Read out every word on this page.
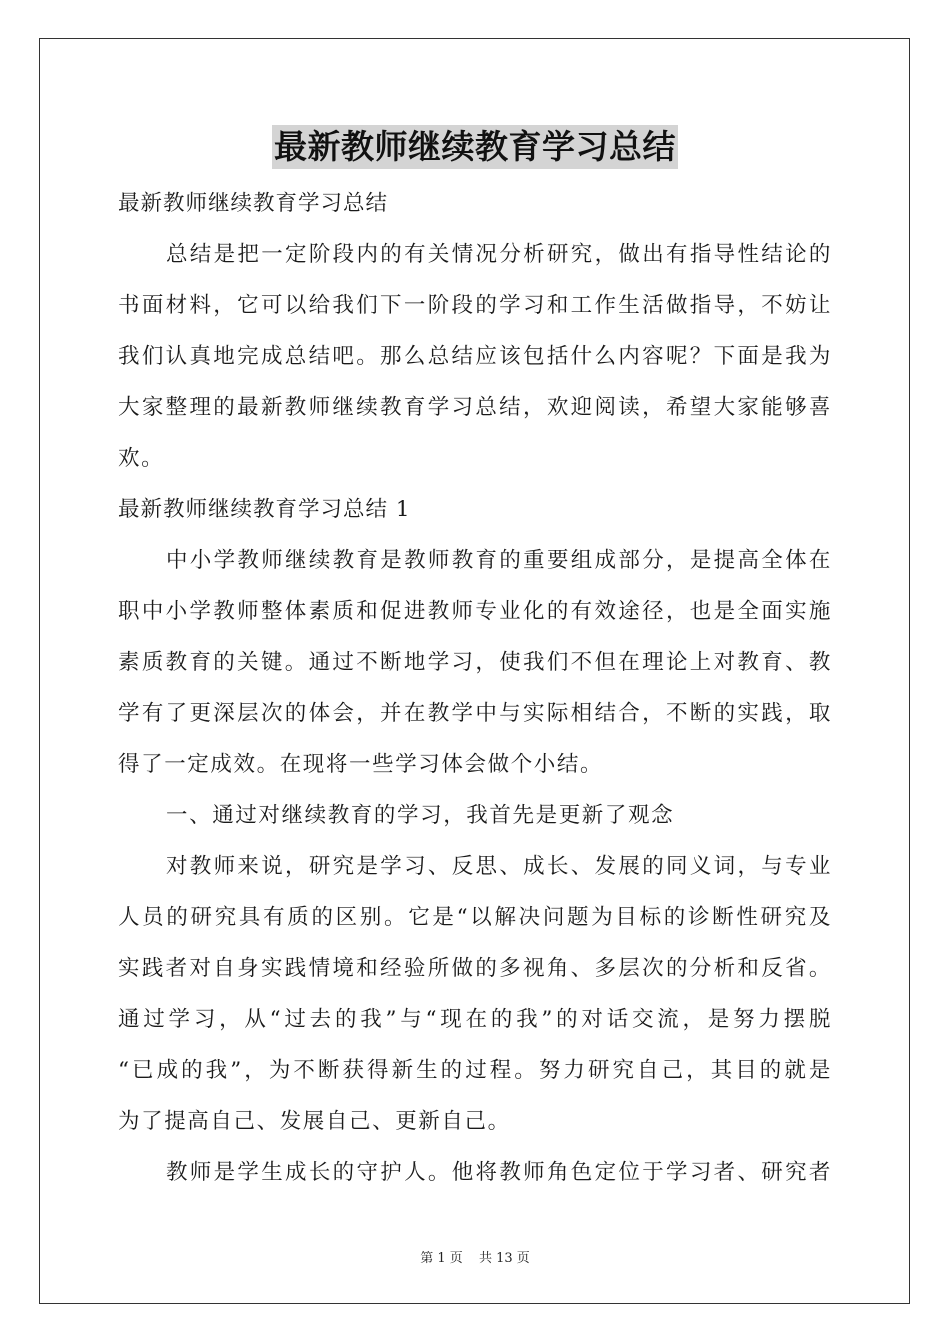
最新教师继续教育学习总结
最新教师继续教育学习总结
总结是把一定阶段内的有关情况分析研究，做出有指导性结论的
书面材料，它可以给我们下一阶段的学习和工作生活做指导，不妨让
我们认真地完成总结吧。那么总结应该包括什么内容呢？下面是我为
大家整理的最新教师继续教育学习总结，欢迎阅读，希望大家能够喜
欢。
最新教师继续教育学习总结 1
中小学教师继续教育是教师教育的重要组成部分，是提高全体在
职中小学教师整体素质和促进教师专业化的有效途径，也是全面实施
素质教育的关键。通过不断地学习，使我们不但在理论上对教育、教
学有了更深层次的体会，并在教学中与实际相结合，不断的实践，取
得了一定成效。在现将一些学习体会做个小结。
一、通过对继续教育的学习，我首先是更新了观念
对教师来说，研究是学习、反思、成长、发展的同义词，与专业
人员的研究具有质的区别。它是“以解决问题为目标的诊断性研究及
实践者对自身实践情境和经验所做的多视角、多层次的分析和反省。
通过学习，从“过去的我”与“现在的我”的对话交流，是努力摆脱
“已成的我”，为不断获得新生的过程。努力研究自己，其目的就是
为了提高自己、发展自己、更新自己。
教师是学生成长的守护人。他将教师角色定位于学习者、研究者
第 1 页 共 13 页
